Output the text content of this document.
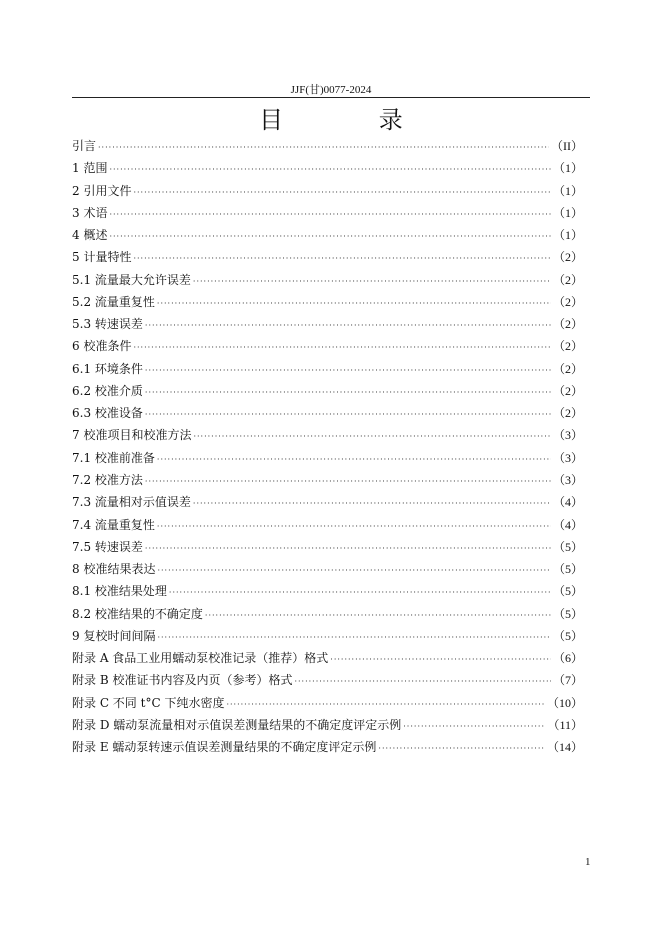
JJF(甘)0077-2024
目 录
引言 ·····	（II）
1 范围 ·····	（1）
2 引用文件 ·····	（1）
3 术语 ·····	（1）
4 概述 ·····	（1）
5 计量特性 ·····	（2）
5.1 流量最大允许误差 ·····	（2）
5.2 流量重复性 ·····	（2）
5.3 转速误差 ·····	（2）
6 校准条件 ·····	（2）
6.1 环境条件 ·····	（2）
6.2 校准介质 ·····	（2）
6.3 校准设备 ·····	（2）
7 校准项目和校准方法 ·····	（3）
7.1 校准前准备 ·····	（3）
7.2 校准方法 ·····	（3）
7.3 流量相对示值误差 ·····	（4）
7.4 流量重复性 ·····	（4）
7.5 转速误差 ·····	（5）
8 校准结果表达 ·····	（5）
8.1 校准结果处理 ·····	（5）
8.2 校准结果的不确定度 ·····	（5）
9 复校时间间隔 ·····	（5）
附录 A 食品工业用蠕动泵校准记录（推荐）格式 ·····	（6）
附录 B 校准证书内容及内页（参考）格式 ·····	（7）
附录 C 不同 t°C 下纯水密度 ·····	（10）
附录 D 蠕动泵流量相对示值误差测量结果的不确定度评定示例 ·····	（11）
附录 E 蠕动泵转速示值误差测量结果的不确定度评定示例 ·····	（14）
1
